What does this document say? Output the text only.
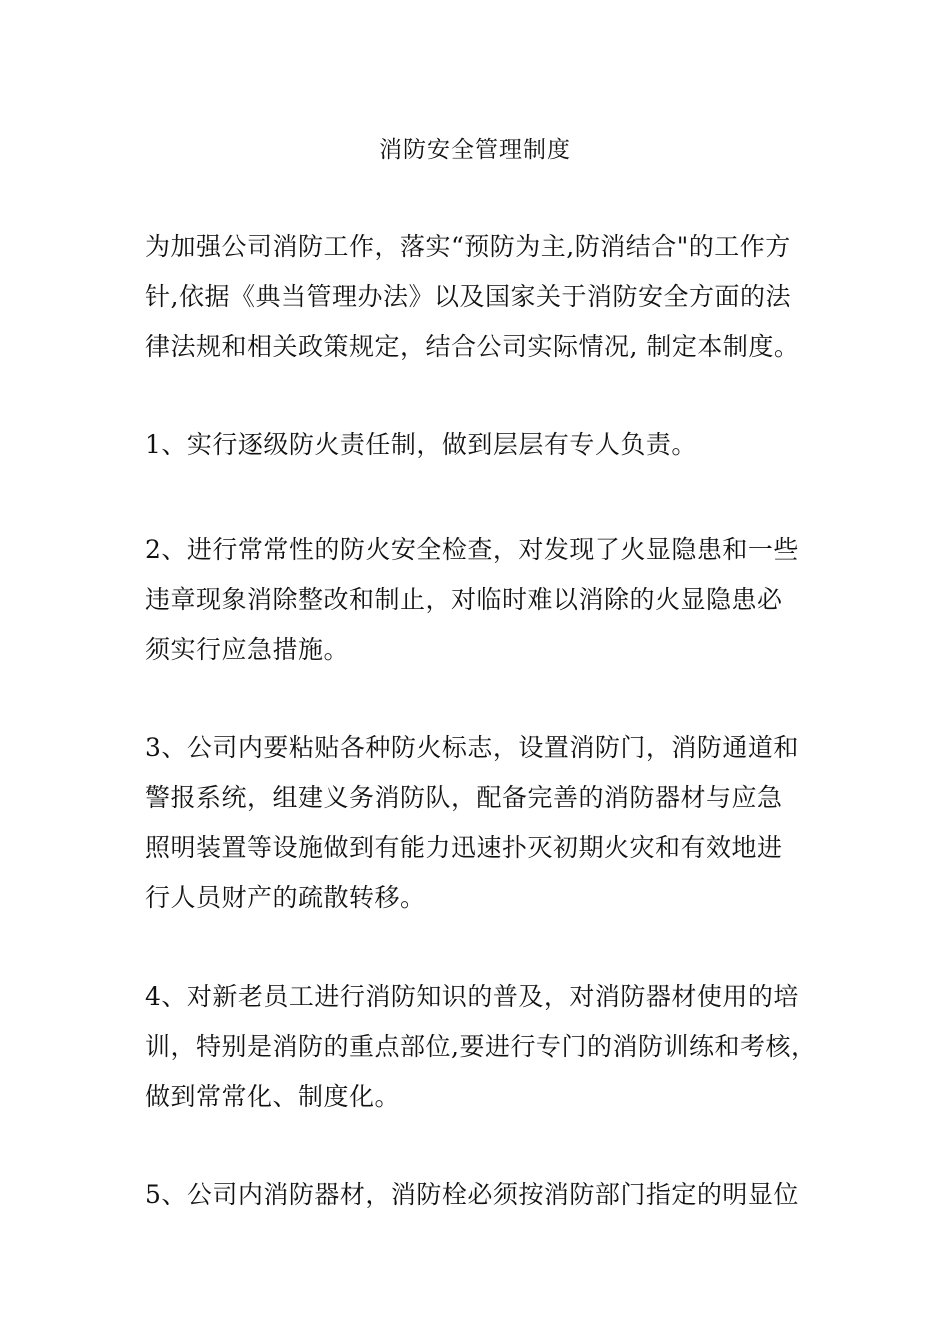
消防安全管理制度

为加强公司消防工作，落实“预防为主,防消结合"的工作方
针,依据《典当管理办法》以及国家关于消防安全方面的法
律法规和相关政策规定，结合公司实际情况, 制定本制度。

1、实行逐级防火责任制，做到层层有专人负责。

2、进行常常性的防火安全检查，对发现了火显隐患和一些
违章现象消除整改和制止，对临时难以消除的火显隐患必
须实行应急措施。

3、公司内要粘贴各种防火标志，设置消防门，消防通道和
警报系统，组建义务消防队，配备完善的消防器材与应急
照明装置等设施做到有能力迅速扑灭初期火灾和有效地进
行人员财产的疏散转移。

4、对新老员工进行消防知识的普及，对消防器材使用的培
训，特别是消防的重点部位,要进行专门的消防训练和考核，
做到常常化、制度化。

5、公司内消防器材，消防栓必须按消防部门指定的明显位
